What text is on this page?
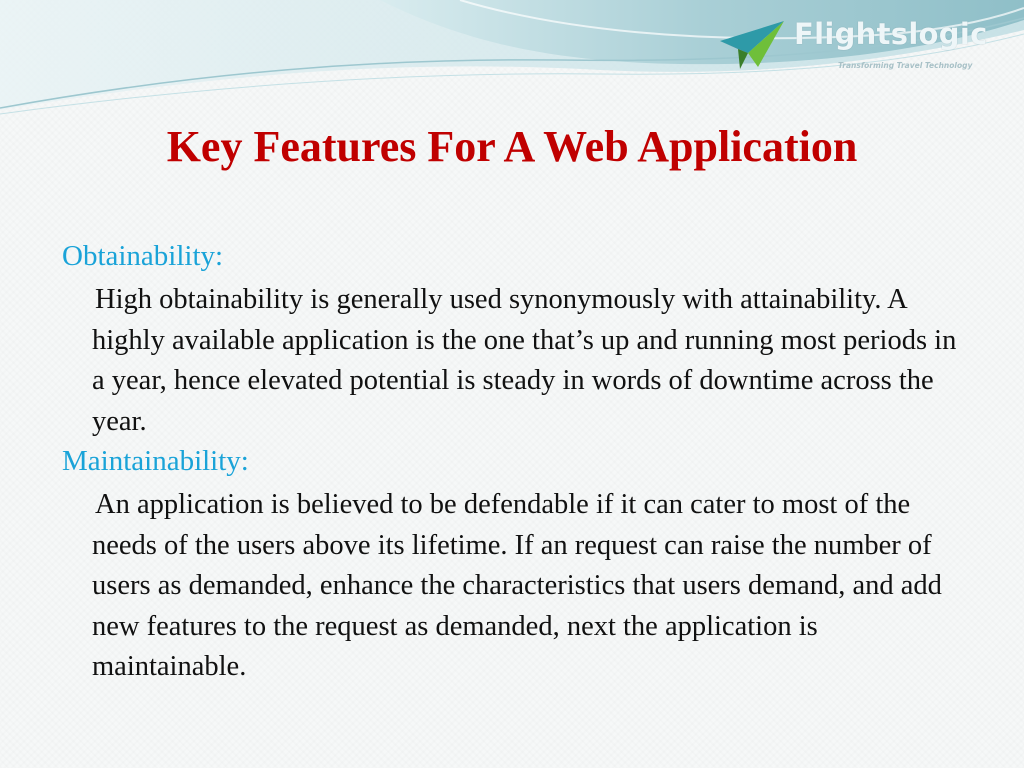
Flightslogic
Transforming Travel Technology
Key Features For A Web Application

Obtainability:

High obtainability is generally used synonymously with attainability. A highly available application is the one that’s up and running most periods in a year, hence elevated potential is steady in words of downtime across the year.

Maintainability:

An application is believed to be defendable if it can cater to most of the needs of the users above its lifetime. If an request can raise the number of users as demanded, enhance the characteristics that users demand, and add new features to the request as demanded, next the application is maintainable.
